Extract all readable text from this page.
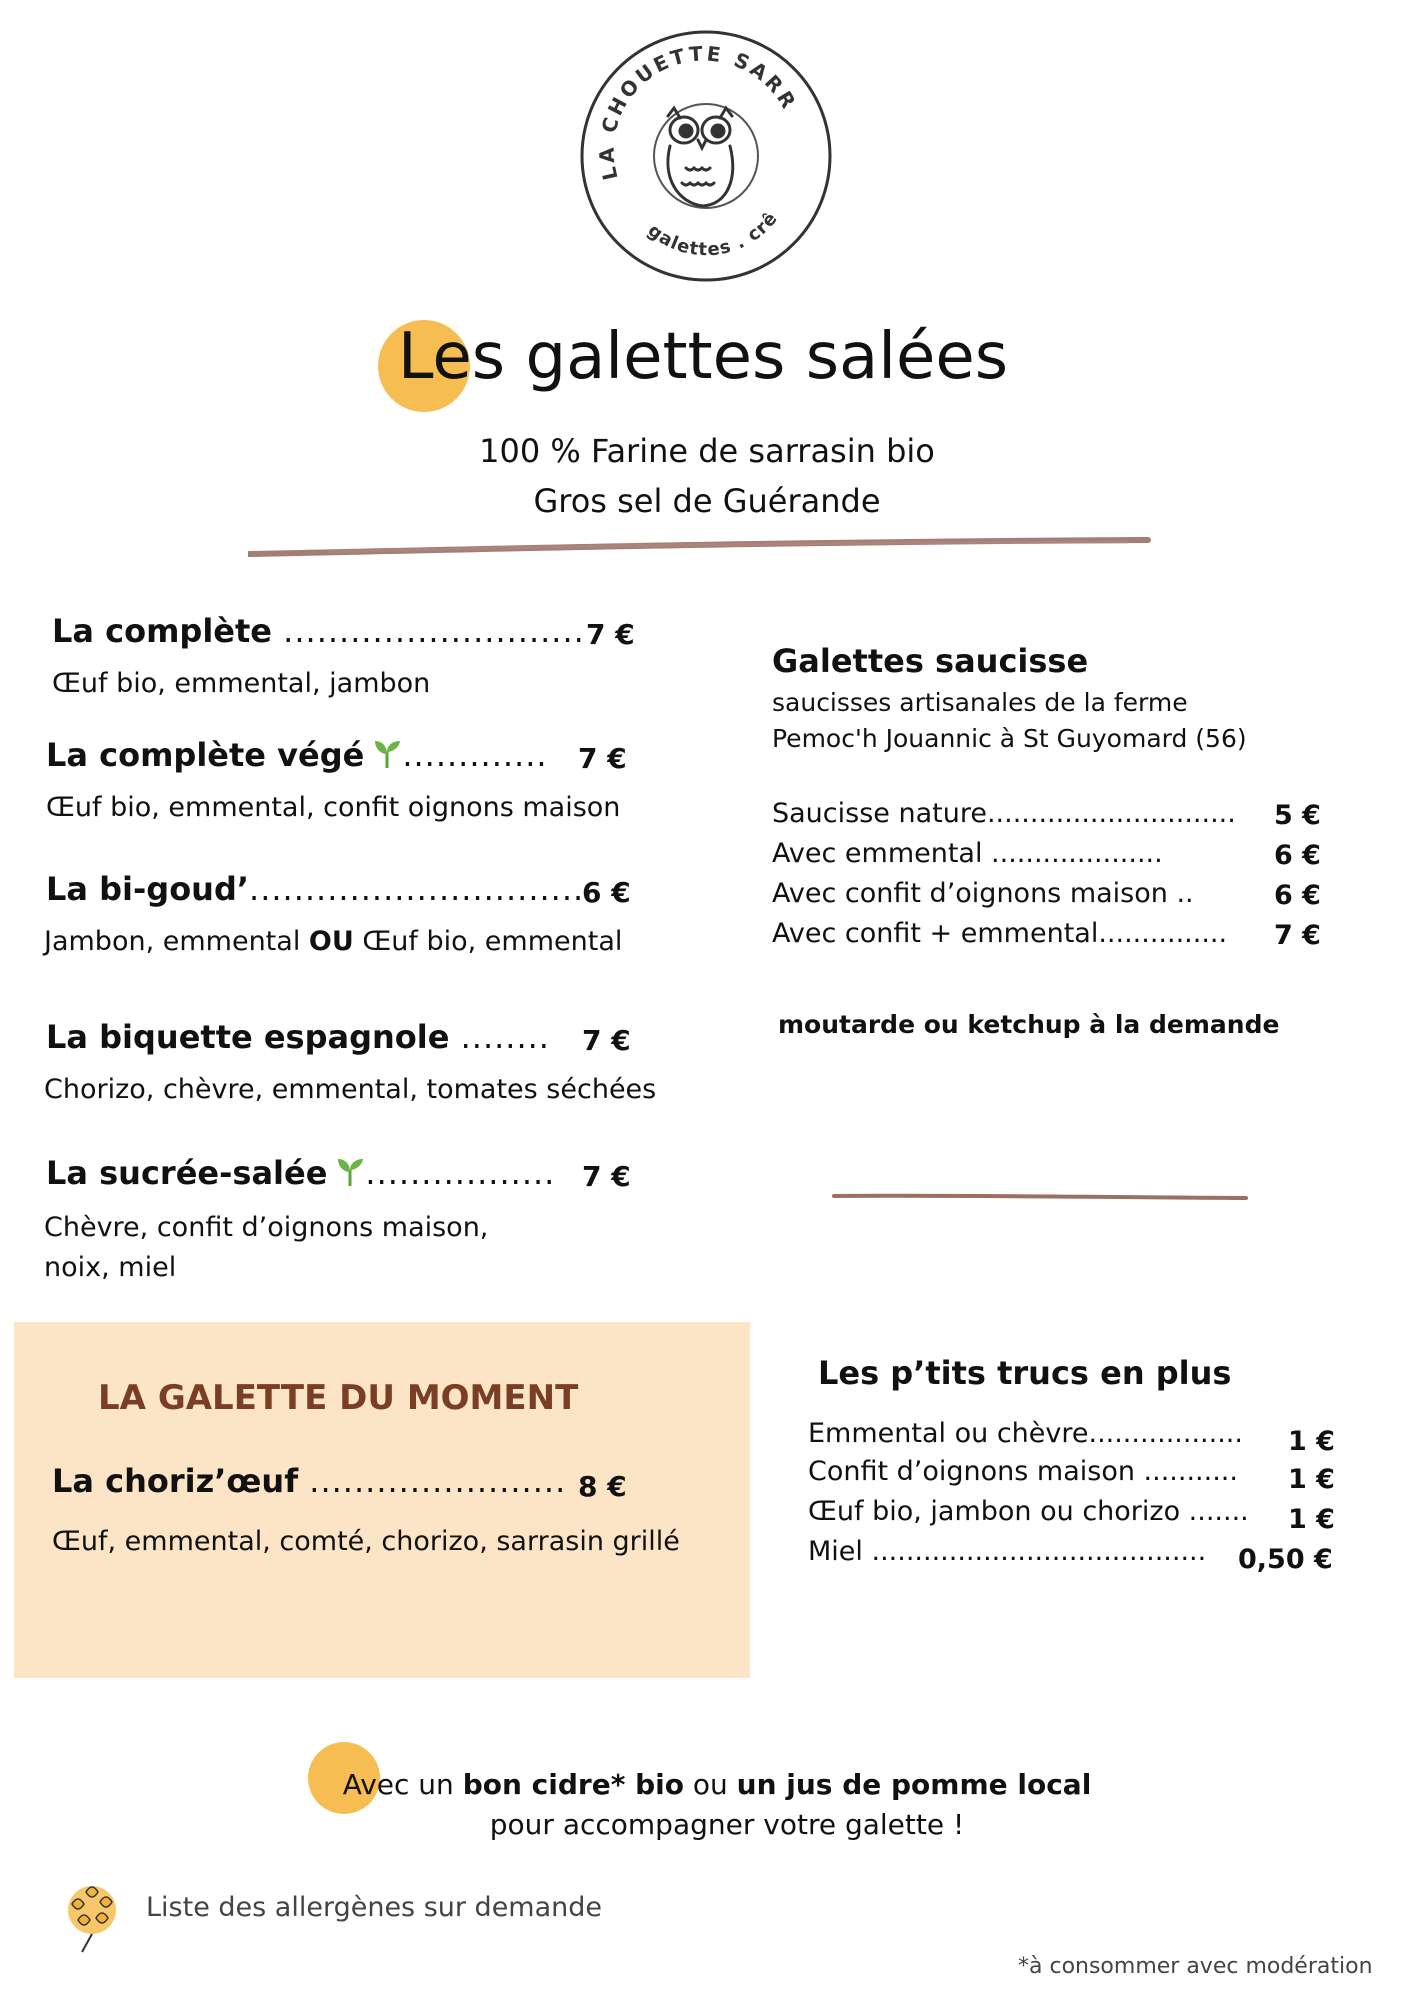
LA CHOUETTE SARR
galettes . crê
Les galettes salées
100 % Farine de sarrasin bio
Gros sel de Guérande
La complète ........................... 7 €
Œuf bio, emmental, jambon
La complète végé ............. 7 €
Œuf bio, emmental, confit oignons maison
La bi-goud’..............................
6 €
Jambon, emmental OU Œuf bio, emmental
La biquette espagnole ........ 7 €
Chorizo, chèvre, emmental, tomates séchées
La sucrée-salée ................. 7 €
Chèvre, confit d’oignons maison,
noix, miel
Galettes saucisse
saucisses artisanales de la ferme
Pemoc'h Jouannic à St Guyomard (56)
Saucisse nature............................. 5 €
Avec emmental ....................	6 €
Avec confit d’oignons maison ..	6 €
Avec confit + emmental............... 7 €
moutarde ou ketchup à la demande
LA GALETTE DU MOMENT
La choriz’œuf ....................... 8 €
Œuf, emmental, comté, chorizo, sarrasin grillé
Les p’tits trucs en plus
Emmental ou chèvre.................. 1 €
Confit d’oignons maison ........... 1 €
Œuf bio, jambon ou chorizo ....... 1 €
Miel ....................................... 0,50 €
Avec un bon cidre* bio ou un jus de pomme local
pour accompagner votre galette !
Liste des allergènes sur demande
*à consommer avec modération
